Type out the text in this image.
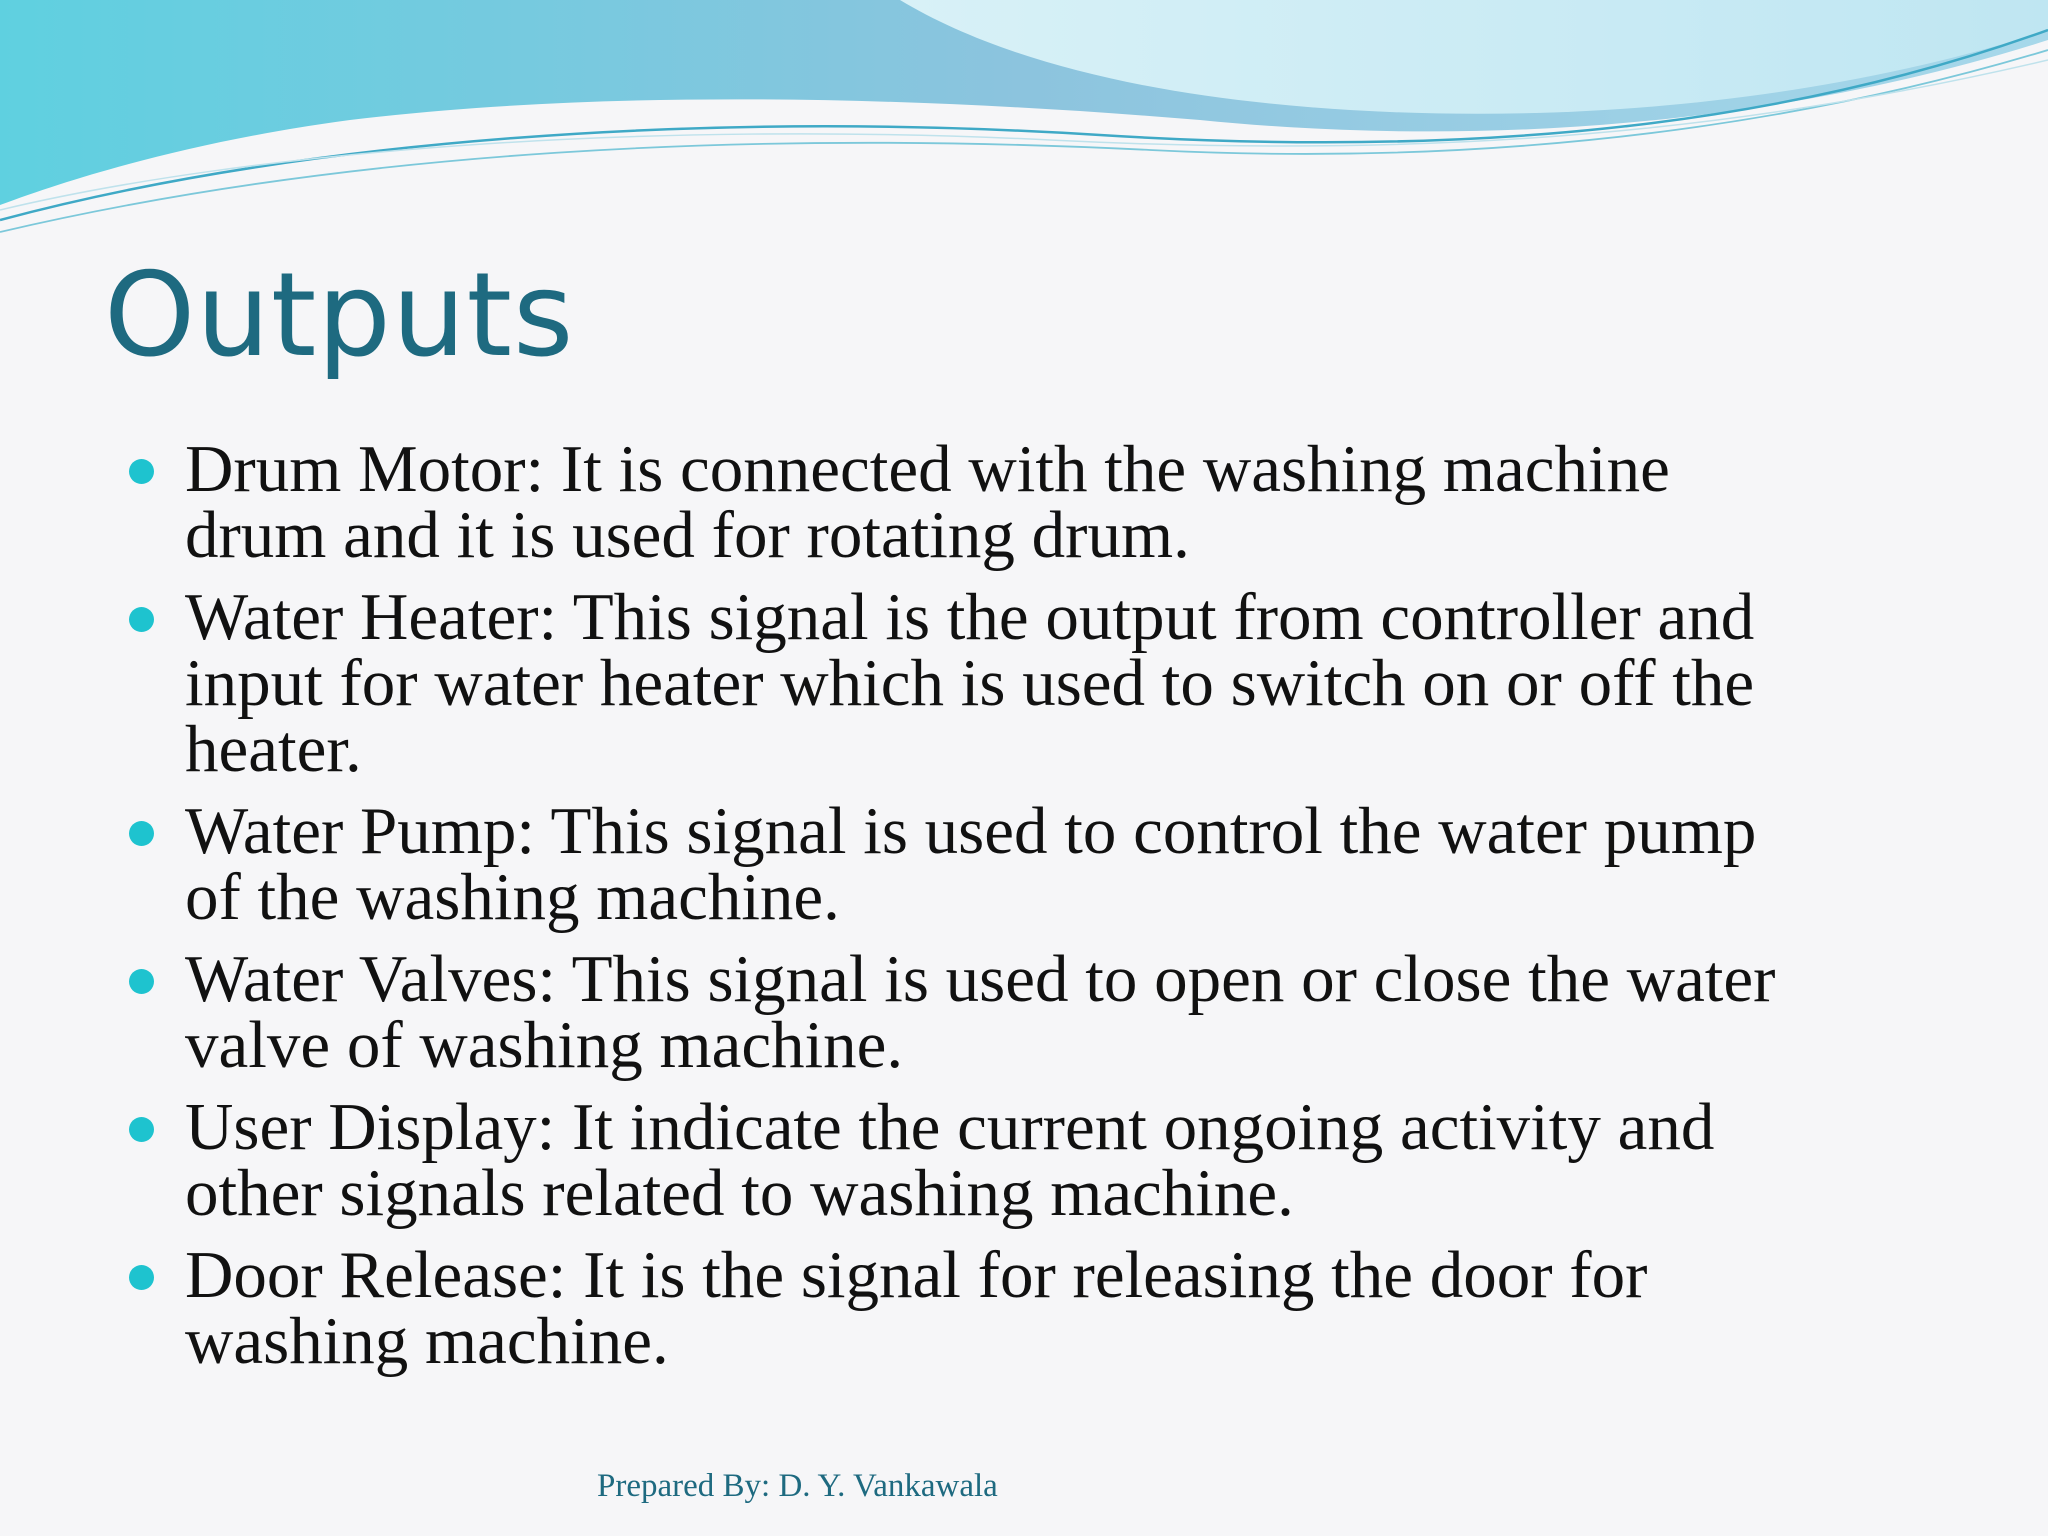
Outputs
Drum Motor: It is connected with the washing machine
drum and it is used for rotating drum.
Water Heater: This signal is the output from controller and
input for water heater which is used to switch on or off the
heater.
Water Pump: This signal is used to control the water pump
of the washing machine.
Water Valves: This signal is used to open or close the water
valve of washing machine.
User Display: It indicate the current ongoing activity and
other signals related to washing machine.
Door Release: It is the signal for releasing the door for
washing machine.
Prepared By: D. Y. Vankawala
